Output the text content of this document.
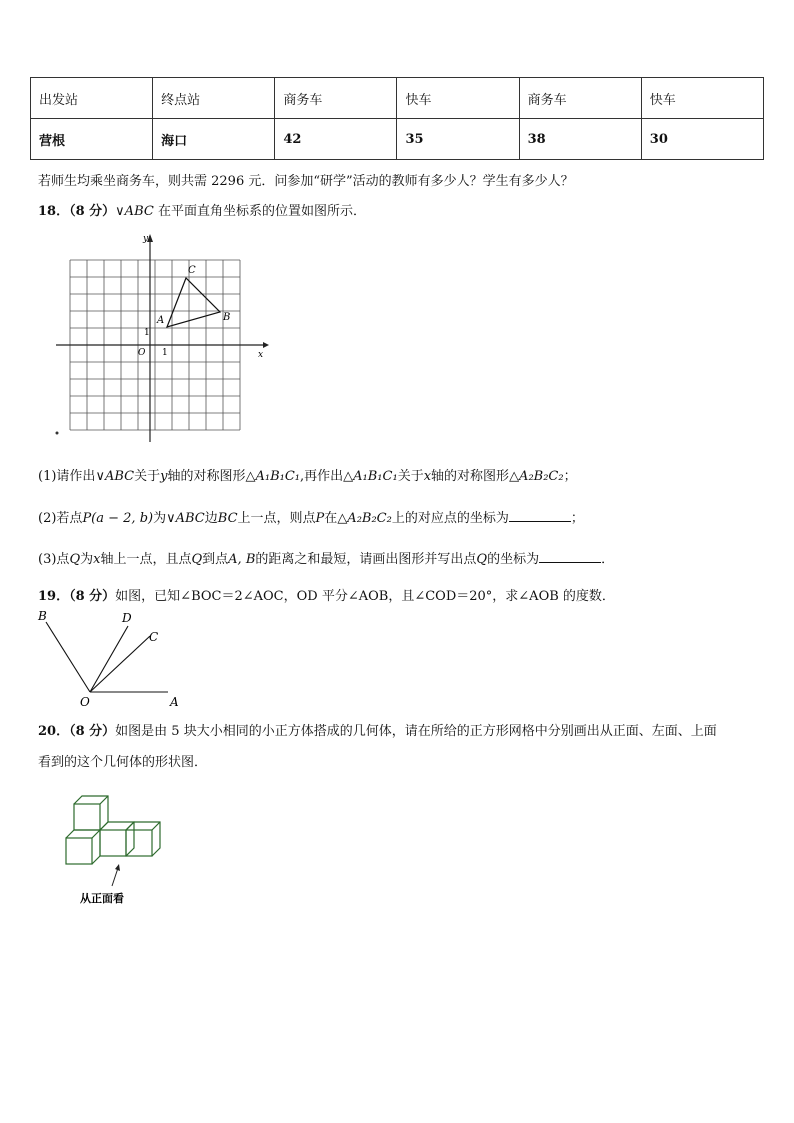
出发站	终点站	商务车	快车	商务车	快车
营根	海口	42	35	38	30
若师生均乘坐商务车，则共需 2296 元．问参加“研学”活动的教师有多少人？学生有多少人？
18．（8 分）∨ABC 在平面直角坐标系的位置如图所示．
x
y
O 1
1
A	B
C
(1)请作出∨ABC关于y轴的对称图形△A₁B₁C₁,再作出△A₁B₁C₁关于x轴的对称图形△A₂B₂C₂；
(2)若点P(a − 2, b)为∨ABC边BC上一点，则点P在△A₂B₂C₂上的对应点的坐标为	；
(3)点Q为x轴上一点，且点Q到点A, B的距离之和最短，请画出图形并写出点Q的坐标为	．
19．（8 分）如图，已知∠BOC＝2∠AOC，OD 平分∠AOB，且∠COD＝20°，求∠AOB 的度数．
B	D
C
O	A
20．（8 分）如图是由 5 块大小相同的小正方体搭成的几何体，请在所给的正方形网格中分别画出从正面、左面、上面
看到的这个几何体的形状图．
从正面看
